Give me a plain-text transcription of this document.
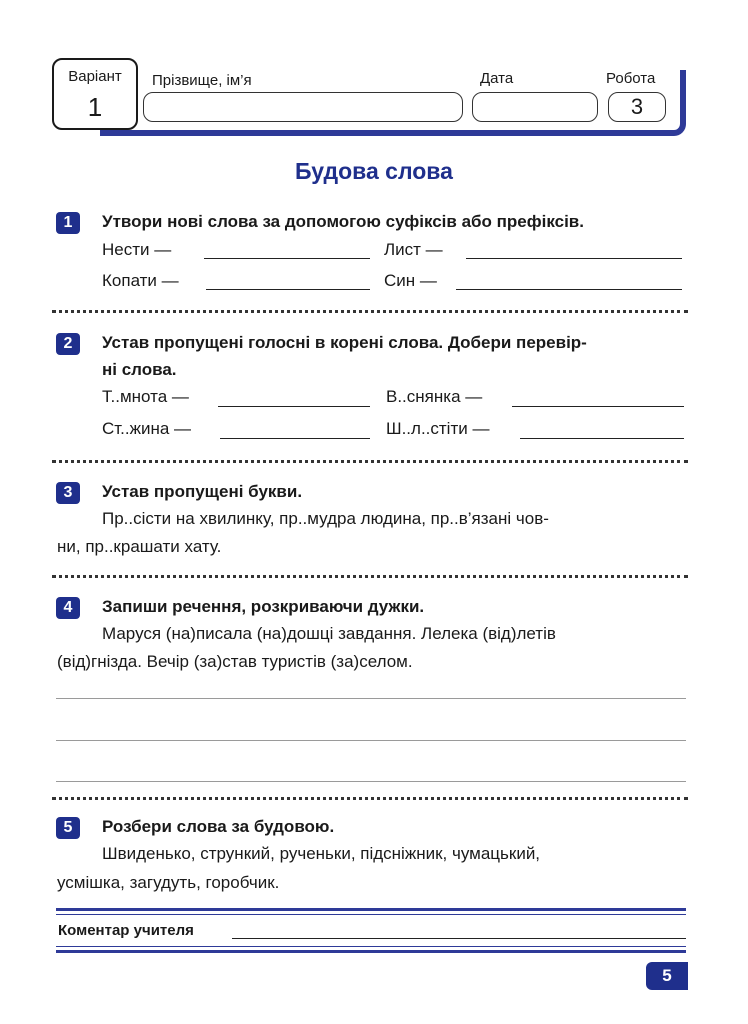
Варіант
1
Прізвище, ім’я	Дата	Робота
3
Будова слова
1	Утвори нові слова за допомогою суфіксів або префіксів.
Нести —	Лист —
Копати —	Син —
2	Устав пропущені голосні в корені слова. Добери перевір-
ні слова.
Т..мнота —	В..снянка —
Ст..жина —	Ш..л..стіти —
3	Устав пропущені букви.
Пр..сісти на хвилинку, пр..мудра людина, пр..в’язані чов-
ни, пр..крашати хату.
4	Запиши речення, розкриваючи дужки.
Маруся (на)писала (на)дошці завдання. Лелека (від)летів
(від)гнізда. Вечір (за)став туристів (за)селом.
5	Розбери слова за будовою.
Швиденько, стрункий, рученьки, підсніжник, чумацький,
усмішка, загудуть, горобчик.
Коментар учителя
5
